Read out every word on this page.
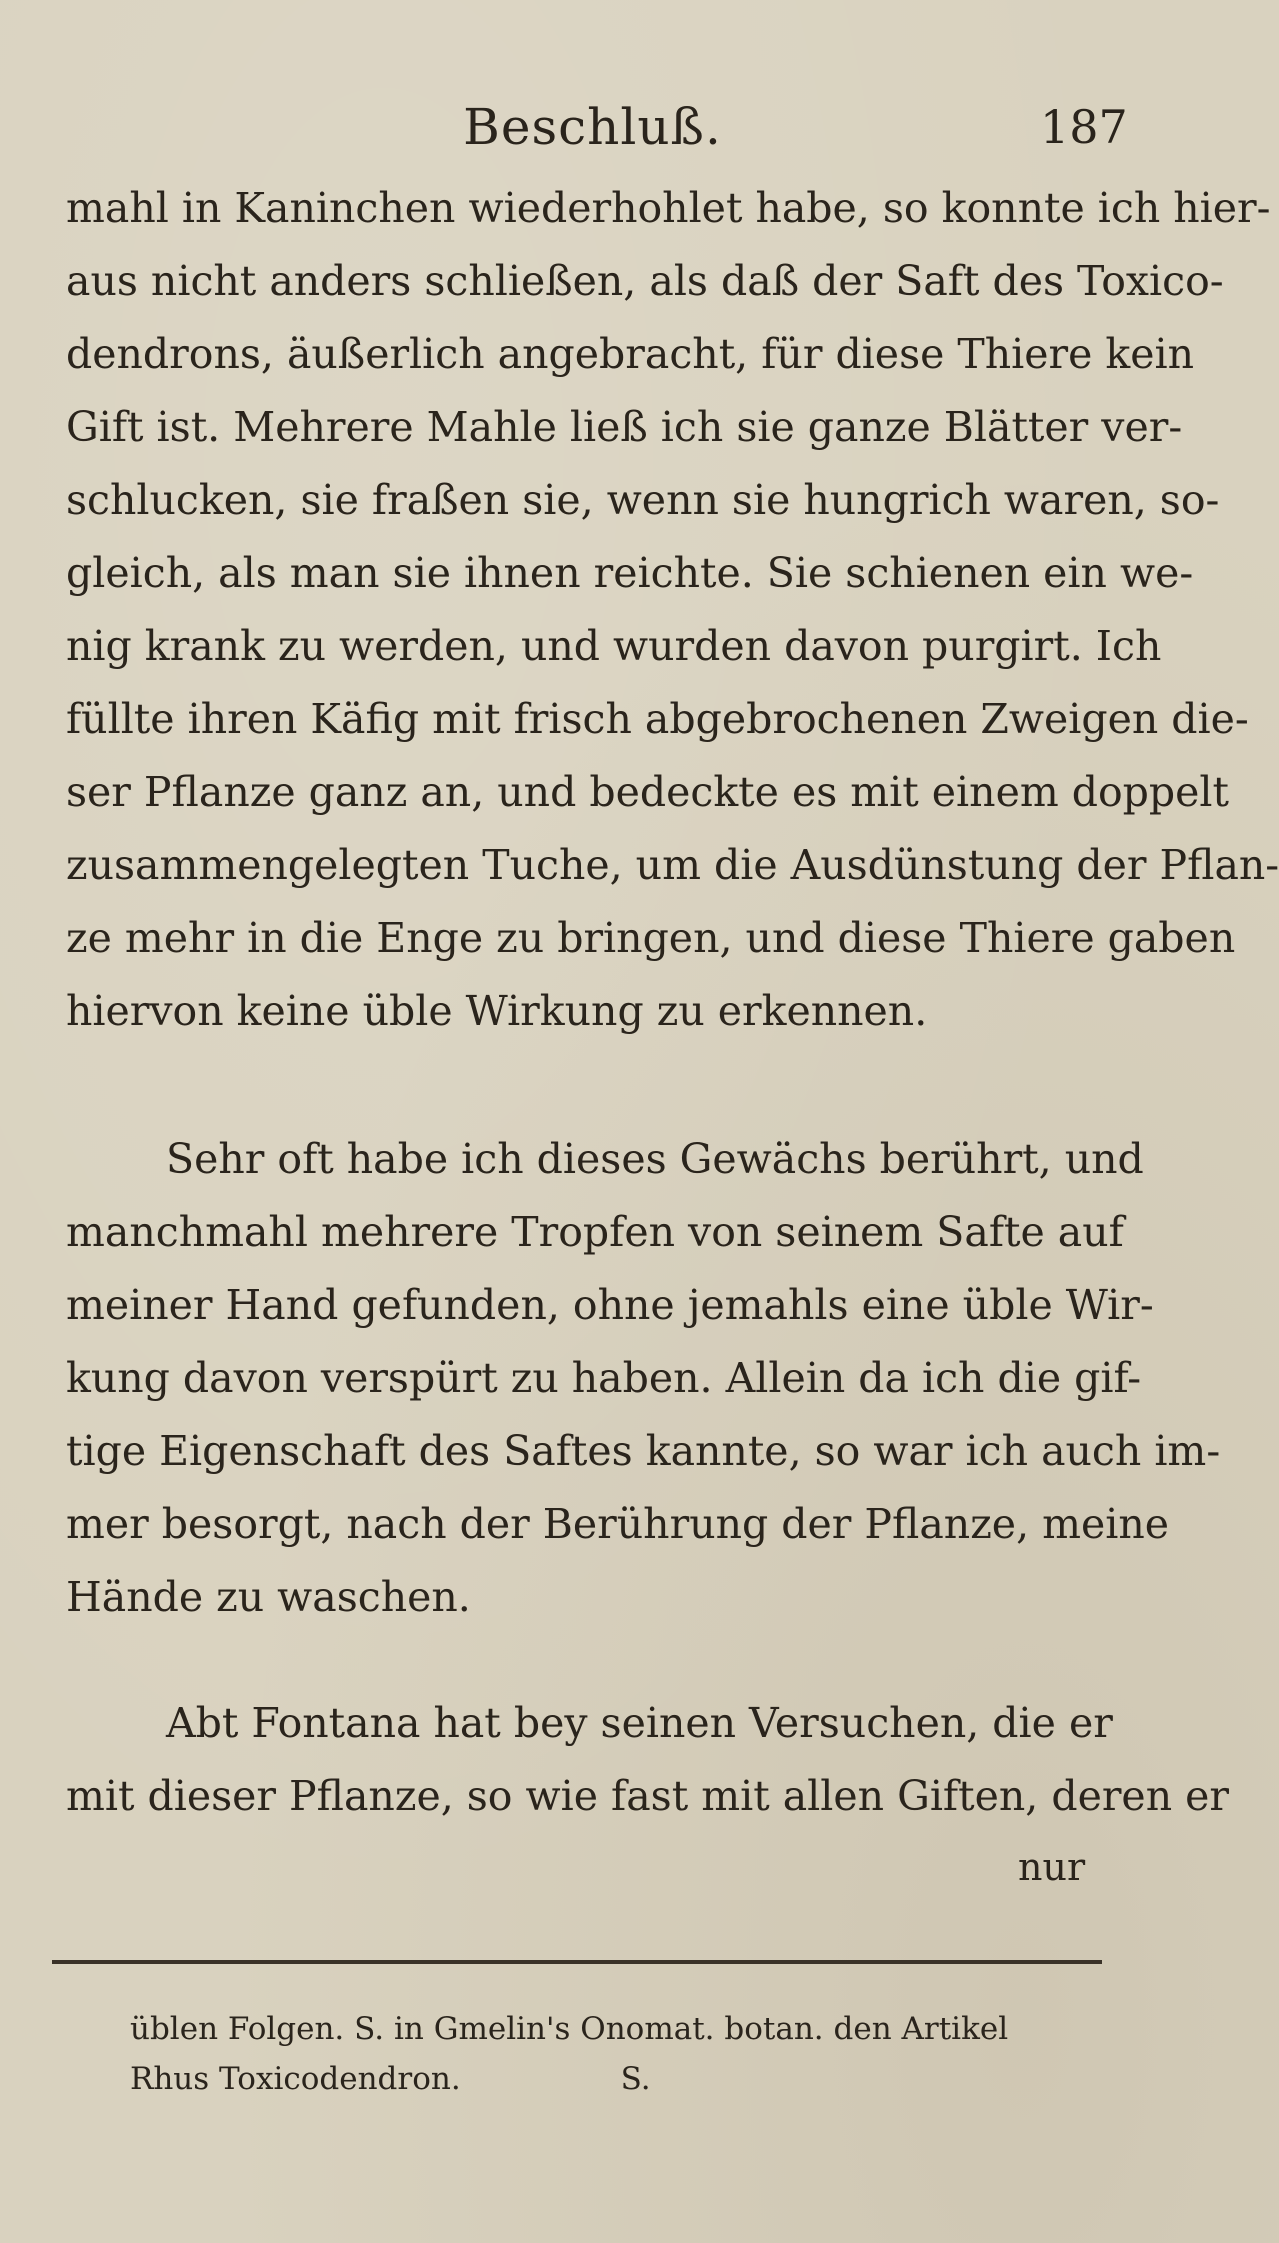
Beschluß.	187

mahl in Kaninchen wiederhohlet habe, so konnte ich hier-
aus nicht anders schließen, als daß der Saft des Toxico-
dendrons, äußerlich angebracht, für diese Thiere kein
Gift ist. Mehrere Mahle ließ ich sie ganze Blätter ver-
schlucken, sie fraßen sie, wenn sie hungrich waren, so-
gleich, als man sie ihnen reichte. Sie schienen ein we-
nig krank zu werden, und wurden davon purgirt. Ich
füllte ihren Käfig mit frisch abgebrochenen Zweigen die-
ser Pflanze ganz an, und bedeckte es mit einem doppelt
zusammengelegten Tuche, um die Ausdünstung der Pflan-
ze mehr in die Enge zu bringen, und diese Thiere gaben
hiervon keine üble Wirkung zu erkennen.

Sehr oft habe ich dieses Gewächs berührt, und
manchmahl mehrere Tropfen von seinem Safte auf
meiner Hand gefunden, ohne jemahls eine üble Wir-
kung davon verspürt zu haben. Allein da ich die gif-
tige Eigenschaft des Saftes kannte, so war ich auch im-
mer besorgt, nach der Berührung der Pflanze, meine
Hände zu waschen.

Abt Fontana hat bey seinen Versuchen, die er
mit dieser Pflanze, so wie fast mit allen Giften, deren er

nur

üblen Folgen. S. in Gmelin's Onomat. botan. den Artikel
Rhus Toxicodendron.	S.
